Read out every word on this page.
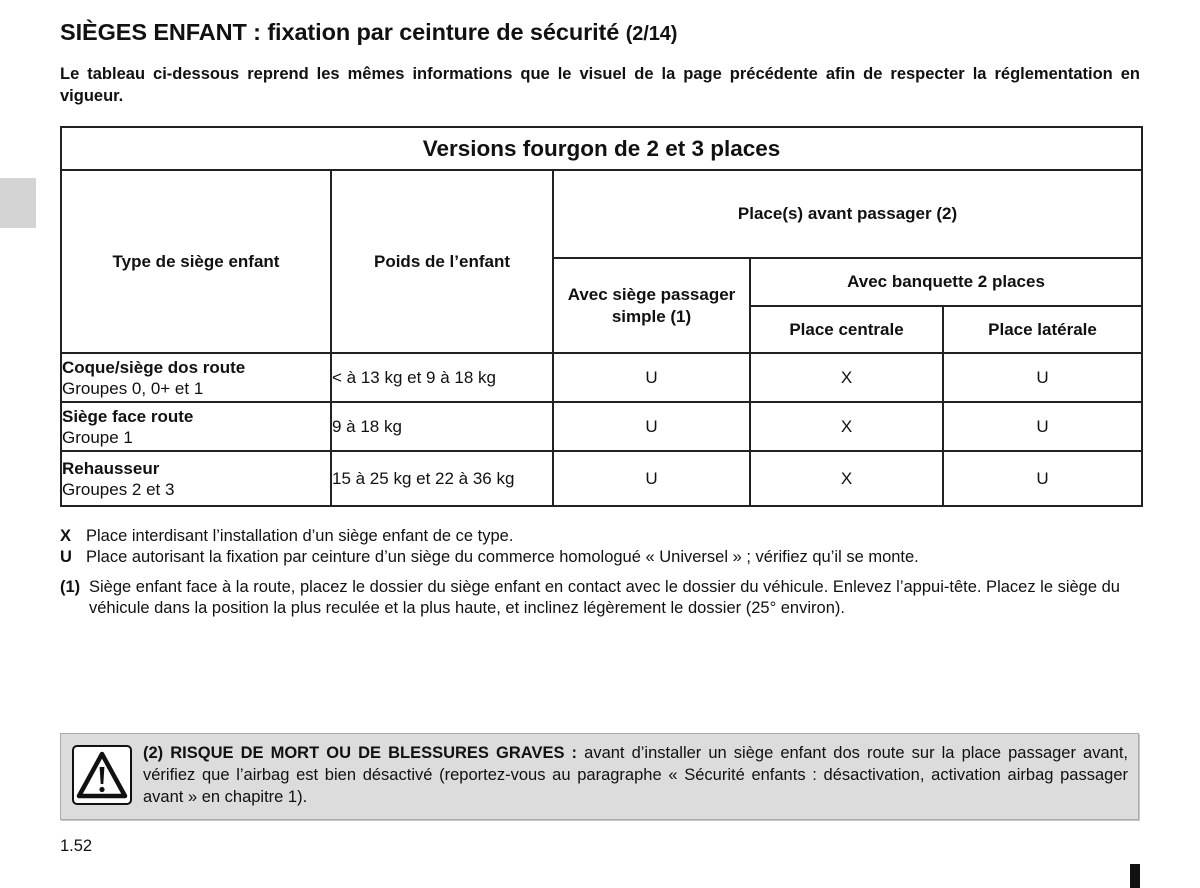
SIÈGES ENFANT : fixation par ceinture de sécurité (2/14)

Le tableau ci-dessous reprend les mêmes informations que le visuel de la page précédente afin de respecter la réglementation en vigueur.

Versions fourgon de 2 et 3 places				
Type de siège enfant	Poids de l’enfant	Place(s) avant passager (2)		
		Avec siège passager simple (1)	Avec banquette 2 places	
			Place centrale	Place latérale
Coque/siège dos route
Groupes 0, 0+ et 1	< à 13 kg et 9 à 18 kg	U	X	U
Siège face route
Groupe 1	9 à 18 kg	U	X	U
Rehausseur
Groupes 2 et 3	15 à 25 kg et 22 à 36 kg	U	X	U
X Place interdisant l’installation d’un siège enfant de ce type.
U Place autorisant la fixation par ceinture d’un siège du commerce homologué « Universel » ; vérifiez qu’il se monte.
(1) Siège enfant face à la route, placez le dossier du siège enfant en contact avec le dossier du véhicule. Enlevez l’appui-tête. Placez le siège du véhicule dans la position la plus reculée et la plus haute, et inclinez légèrement le dossier (25° environ).

(2) RISQUE DE MORT OU DE BLESSURES GRAVES : avant d’installer un siège enfant dos route sur la place passager avant, vérifiez que l’airbag est bien désactivé (reportez-vous au paragraphe « Sécurité enfants : désactivation, activation airbag passager avant » en chapitre 1).

1.52
